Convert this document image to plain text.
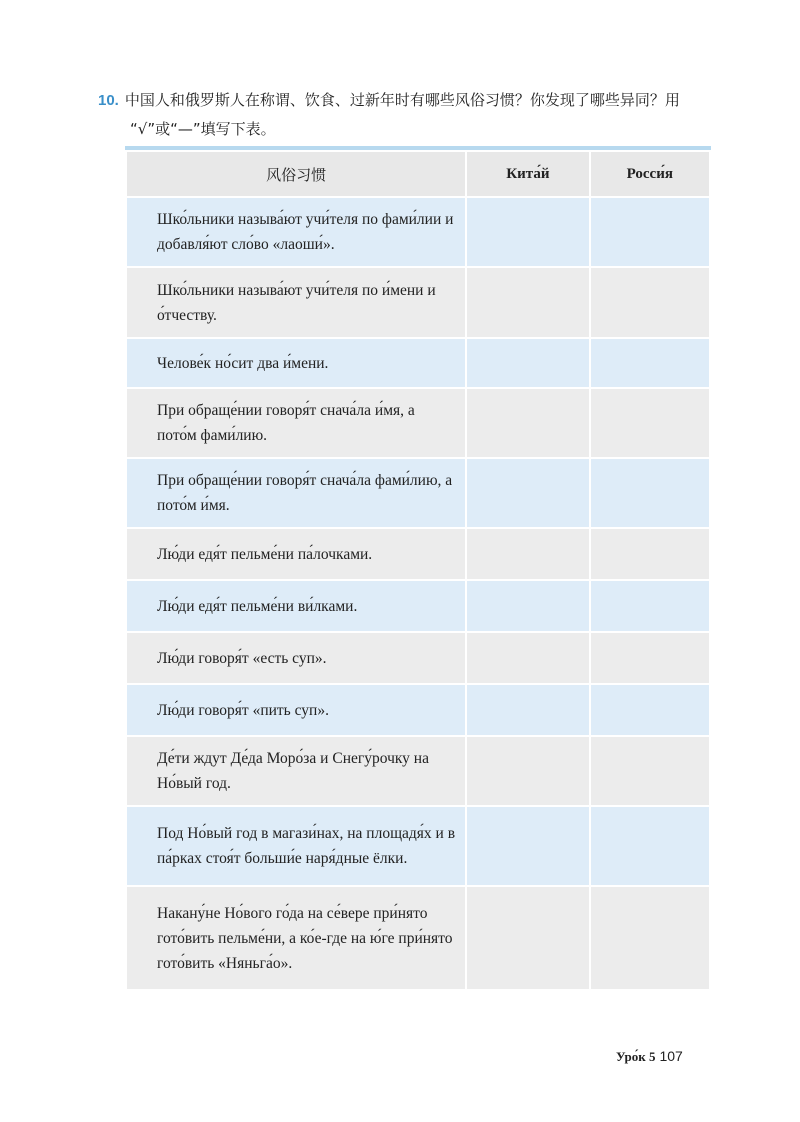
10. 中国人和俄罗斯人在称谓、饮食、过新年时有哪些风俗习惯？你发现了哪些异同？用
“√”或“—”填写下表。
风俗习惯	Кита́й	Росси́я
Шко́льники называ́ют учи́теля по фами́лии и добавля́ют сло́во «лаоши́».		
Шко́льники называ́ют учи́теля по и́мени и о́тчеству.		
Челове́к но́сит два и́мени.		
При обраще́нии говоря́т снача́ла и́мя, а пото́м фами́лию.		
При обраще́нии говоря́т снача́ла фами́лию, а пото́м и́мя.		
Лю́ди едя́т пельме́ни па́лочками.		
Лю́ди едя́т пельме́ни ви́лками.		
Лю́ди говоря́т «есть суп».		
Лю́ди говоря́т «пить суп».		
Де́ти ждут Де́да Моро́за и Снегу́рочку на Но́вый год.		
Под Но́вый год в магази́нах, на площадя́х и в па́рках стоя́т больши́е наря́дные ёлки.		
Накану́не Но́вого го́да на се́вере при́нято гото́вить пельме́ни, а ко́е-где на ю́ге при́нято гото́вить «Няньга́о».		
Уро́к 5 107
